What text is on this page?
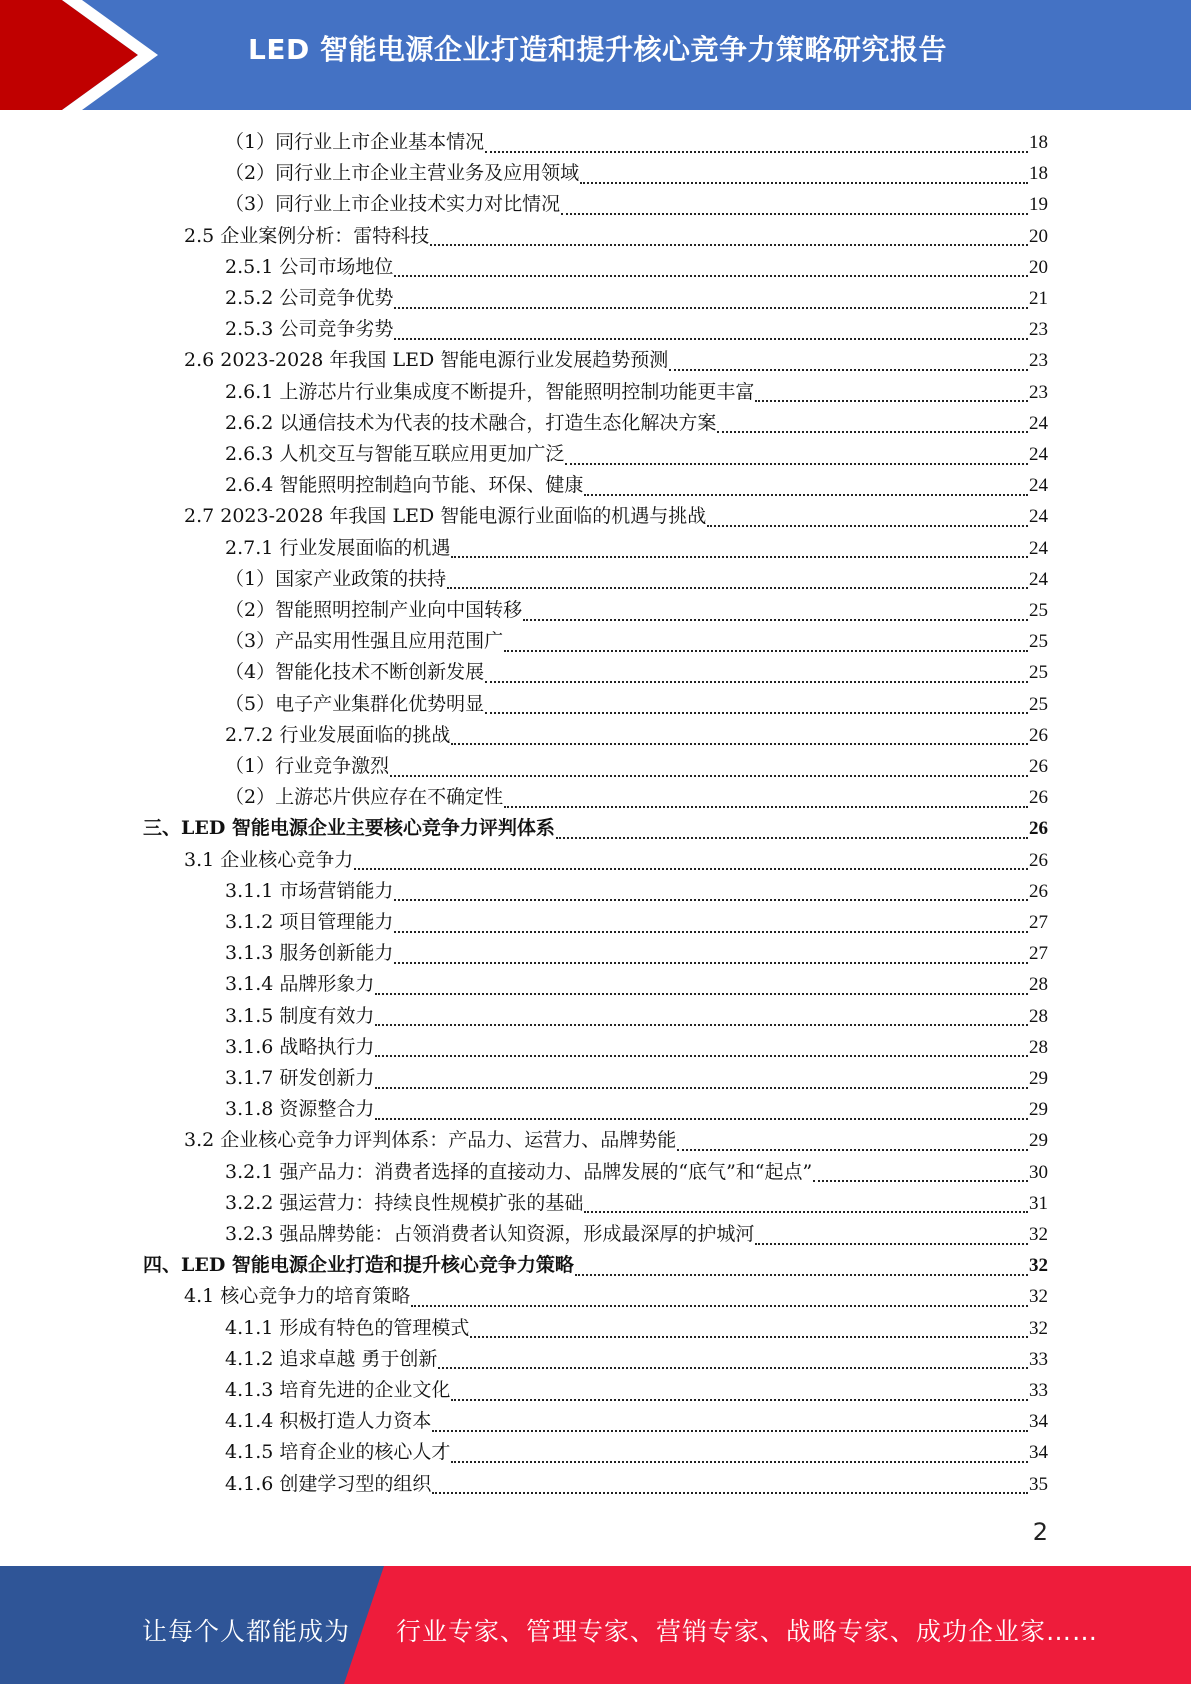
LED 智能电源企业打造和提升核心竞争力策略研究报告
（1）同行业上市企业基本情况	18
（2）同行业上市企业主营业务及应用领域	18
（3）同行业上市企业技术实力对比情况	19
2.5 企业案例分析：雷特科技	20
2.5.1 公司市场地位	20
2.5.2 公司竞争优势	21
2.5.3 公司竞争劣势	23
2.6 2023-2028 年我国 LED 智能电源行业发展趋势预测	23
2.6.1 上游芯片行业集成度不断提升，智能照明控制功能更丰富	23
2.6.2 以通信技术为代表的技术融合，打造生态化解决方案	24
2.6.3 人机交互与智能互联应用更加广泛	24
2.6.4 智能照明控制趋向节能、环保、健康	24
2.7 2023-2028 年我国 LED 智能电源行业面临的机遇与挑战	24
2.7.1 行业发展面临的机遇	24
（1）国家产业政策的扶持	24
（2）智能照明控制产业向中国转移	25
（3）产品实用性强且应用范围广	25
（4）智能化技术不断创新发展	25
（5）电子产业集群化优势明显	25
2.7.2 行业发展面临的挑战	26
（1）行业竞争激烈	26
（2）上游芯片供应存在不确定性	26
三、LED 智能电源企业主要核心竞争力评判体系	26
3.1 企业核心竞争力	26
3.1.1 市场营销能力	26
3.1.2 项目管理能力	27
3.1.3 服务创新能力	27
3.1.4 品牌形象力	28
3.1.5 制度有效力	28
3.1.6 战略执行力	28
3.1.7 研发创新力	29
3.1.8 资源整合力	29
3.2 企业核心竞争力评判体系：产品力、运营力、品牌势能	29
3.2.1 强产品力：消费者选择的直接动力、品牌发展的“底气”和“起点”	30
3.2.2 强运营力：持续良性规模扩张的基础	31
3.2.3 强品牌势能：占领消费者认知资源，形成最深厚的护城河	32
四、LED 智能电源企业打造和提升核心竞争力策略	32
4.1 核心竞争力的培育策略	32
4.1.1 形成有特色的管理模式	32
4.1.2 追求卓越 勇于创新	33
4.1.3 培育先进的企业文化	33
4.1.4 积极打造人力资本	34
4.1.5 培育企业的核心人才	34
4.1.6 创建学习型的组织	35
2
让每个人都能成为 行业专家、管理专家、营销专家、战略专家、成功企业家……
